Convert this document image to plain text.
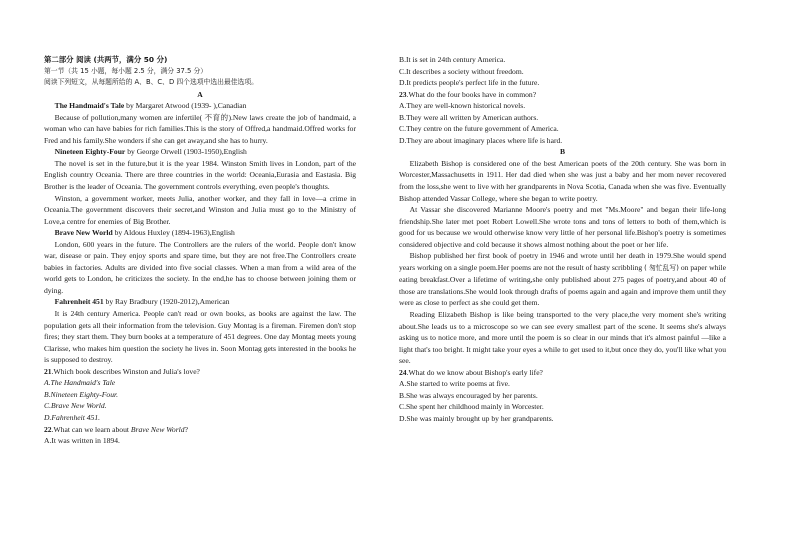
第二部分 阅读 (共两节，满分 50 分)

第一节（共 15 小题，每小题 2.5 分，满分 37.5 分）

阅读下列短文，从每题所给的 A、B、C、D 四个选项中选出最佳选项。

A

The Handmaid's Tale by Margaret Atwood (1939- ),Canadian

Because of pollution,many women are infertile( 不育的).New laws create the job of handmaid, a woman who can have babies for rich families.This is the story of Offred,a handmaid.Offred works for Fred and his family.She wonders if she can get away,and she has to hurry.

Nineteen Eighty-Four by George Orwell (1903-1950),English

The novel is set in the future,but it is the year 1984. Winston Smith lives in London, part of the English country Oceania. There are three countries in the world: Oceania,Eurasia and Eastasia. Big Brother is the leader of Oceania. The government controls everything, even people's thoughts.

Winston, a government worker, meets Julia, another worker, and they fall in love—a crime in Oceania.The government discovers their secret,and Winston and Julia must go to the Ministry of Love,a centre for enemies of Big Brother.

Brave New World by Aldous Huxley (1894-1963),English

London, 600 years in the future. The Controllers are the rulers of the world. People don't know war, disease or pain. They enjoy sports and spare time, but they are not free.The Controllers create babies in factories. Adults are divided into five social classes. When a man from a wild area of the world gets to London, he criticizes the society. In the end,he has to choose between joining them or dying.

Fahrenheit 451 by Ray Bradbury (1920-2012),American

It is 24th century America. People can't read or own books, as books are against the law. The population gets all their information from the television. Guy Montag is a fireman. Firemen don't stop fires; they start them. They burn books at a temperature of 451 degrees. One day Montag meets young Clarisse, who makes him question the society he lives in. Soon Montag gets interested in the books he is supposed to destroy.

21.Which book describes Winston and Julia's love?

A.The Handmaid's Tale

B.Nineteen Eighty-Four.

C.Brave New World.

D.Fahrenheit 451.

22.What can we learn about Brave New World?

A.It was written in 1894.

B.It is set in 24th century America.

C.It describes a society without freedom.

D.It predicts people's perfect life in the future.

23.What do the four books have in common?

A.They are well-known historical novels.

B.They were all written by American authors.

C.They centre on the future government of America.

D.They are about imaginary places where life is hard.

B

Elizabeth Bishop is considered one of the best American poets of the 20th century. She was born in Worcester,Massachusetts in 1911. Her dad died when she was just a baby and her mom never recovered from the loss,she went to live with her grandparents in Nova Scotia, Canada when she was five. Eventually Bishop attended Vassar College, where she began to write poetry.

At Vassar she discovered Marianne Moore's poetry and met "Ms.Moore" and began their life-long friendship.She later met poet Robert Lowell.She wrote tons and tons of letters to both of them,which is good for us because we would otherwise know very little of her personal life.Bishop's poetry is sometimes considered objective and cold because it shows almost nothing about the poet or her life.

Bishop published her first book of poetry in 1946 and wrote until her death in 1979.She would spend years working on a single poem.Her poems are not the result of hasty scribbling ( 匆忙乱写) on paper while eating breakfast.Over a lifetime of writing,she only published about 275 pages of poetry,and about 40 of those are translations.She would look through drafts of poems again and again and improve them until they were as close to perfect as she could get them.

Reading Elizabeth Bishop is like being transported to the very place,the very moment she's writing about.She leads us to a microscope so we can see every smallest part of the scene. It seems she's always asking us to notice more, and more until the poem is so clear in our minds that it's almost painful —like a light that's too bright. It might take your eyes a while to get used to it,but once they do, you'll like what you see.

24.What do we know about Bishop's early life?

A.She started to write poems at five.

B.She was always encouraged by her parents.

C.She spent her childhood mainly in Worcester.

D.She was mainly brought up by her grandparents.
